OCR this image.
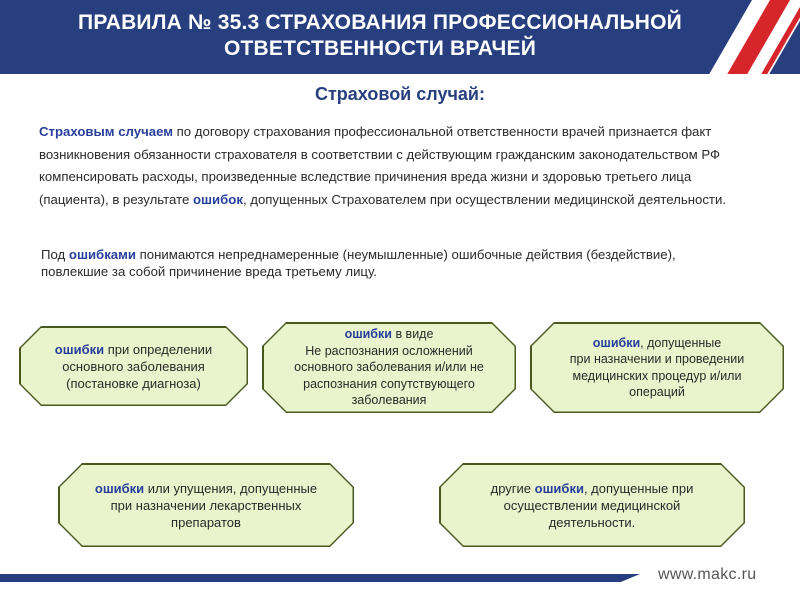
ПРАВИЛА № 35.3 СТРАХОВАНИЯ ПРОФЕССИОНАЛЬНОЙ
ОТВЕТСТВЕННОСТИ ВРАЧЕЙ
Страховой случай:
Страховым случаем по договору страхования профессиональной ответственности врачей признается факт возникновения обязанности страхователя в соответствии с действующим гражданским законодательством РФ компенсировать расходы, произведенные вследствие причинения вреда жизни и здоровью третьего лица (пациента), в результате ошибок, допущенных Страхователем при осуществлении медицинской деятельности.
Под ошибками понимаются непреднамеренные (неумышленные) ошибочные действия (бездействие), повлекшие за собой причинение вреда третьему лицу.
ошибки при определении основного заболевания (постановке диагноза)
ошибки в виде
Не распознания осложнений основного заболевания и/или не распознания сопутствующего заболевания
ошибки, допущенные
при назначении и проведении медицинских процедур и/или операций
ошибки или упущения, допущенные при назначении лекарственных препаратов
другие ошибки, допущенные при осуществлении медицинской деятельности.
www.makc.ru
